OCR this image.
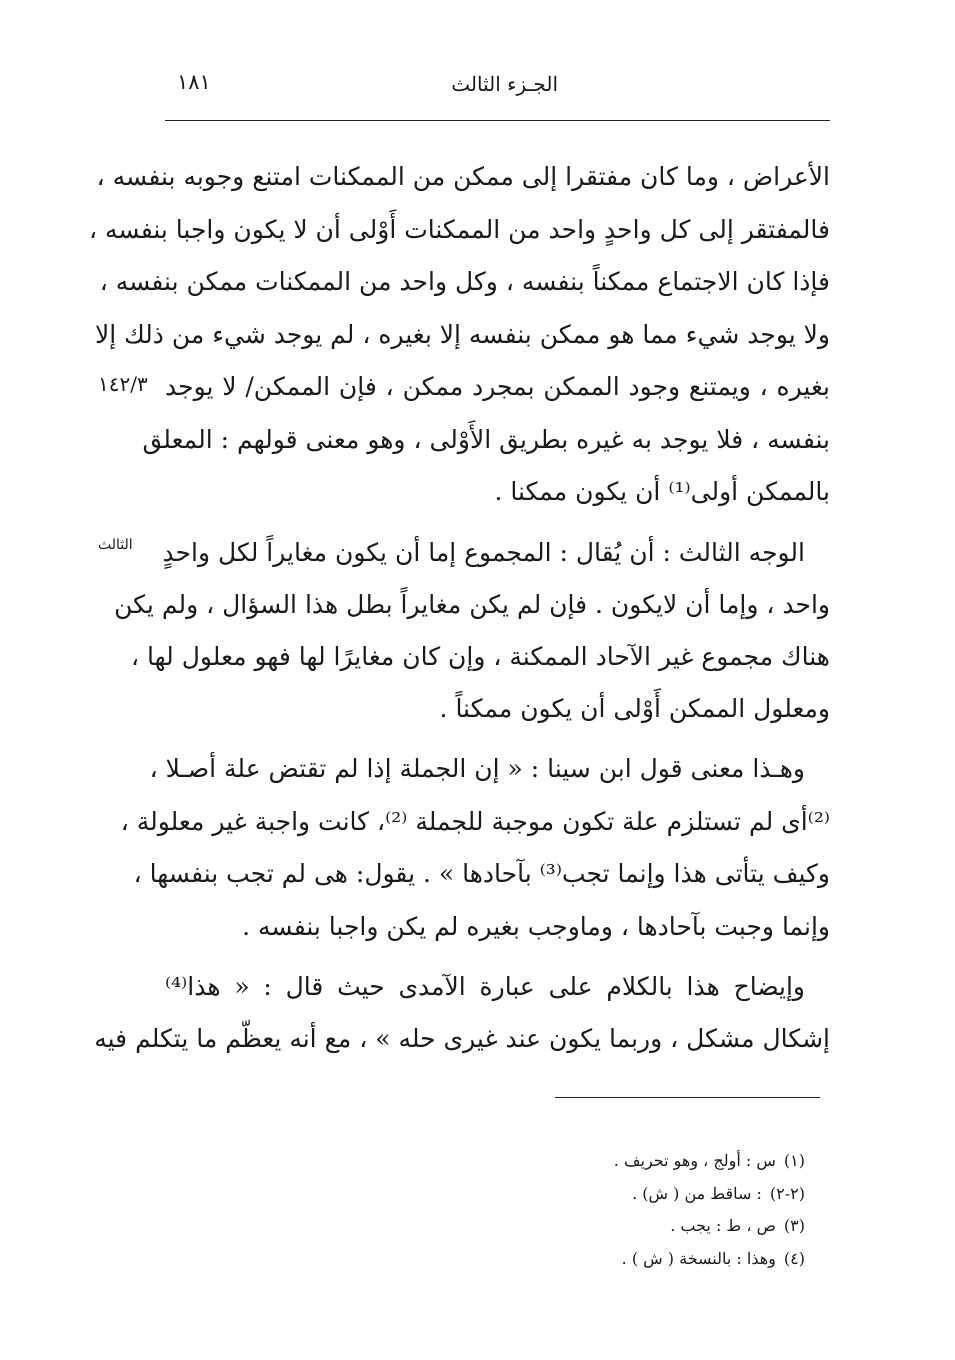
الجـزء الثالث
١٨١
الأعراض ، وما كان مفتقرا إلى ممكن من الممكنات امتنع وجوبه بنفسه ،
فالمفتقر إلى كل واحدٍ واحد من الممكنات أَوْلى أن لا يكون واجبا بنفسه ،
فإذا كان الاجتماع ممكناً بنفسه ، وكل واحد من الممكنات ممكن بنفسه ،
ولا يوجد شيء مما هو ممكن بنفسه إلا بغيره ، لم يوجد شيء من ذلك إلا
بغيره ، ويمتنع وجود الممكن بمجرد ممكن ، فإن الممكن/ لا يوجد
بنفسه ، فلا يوجد به غيره بطريق الأَوْلى ، وهو معنى قولهم : المعلق
بالممكن أولى⁽¹⁾ أن يكون ممكنا .
الوجه الثالث : أن يُقال : المجموع إما أن يكون مغايراً لكل واحدٍ
واحد ، وإما أن لايكون . فإن لم يكن مغايراً بطل هذا السؤال ، ولم يكن
هناك مجموع غير الآحاد الممكنة ، وإن كان مغايرًا لها فهو معلول لها ،
ومعلول الممكن أَوْلى أن يكون ممكناً .
وهـذا معنى قول ابن سينا : « إن الجملة إذا لم تقتض علة أصـلا ،
⁽²⁾أى لم تستلزم علة تكون موجبة للجملة ⁽²⁾، كانت واجبة غير معلولة ،
وكيف يتأتى هذا وإنما تجب⁽³⁾ بآحادها » . يقول: هى لم تجب بنفسها ،
وإنما وجبت بآحادها ، وماوجب بغيره لم يكن واجبا بنفسه .
وإيضاح هذا بالكلام على عبارة الآمدى حيث قال : « هذا⁽⁴⁾
إشكال مشكل ، وربما يكون عند غيرى حله » ، مع أنه يعظّم ما يتكلم فيه
١٤٢/٣
الثالث
(١)س : أولج ، وهو تحريف .
(٢-٢): ساقط من ( ش) .
(٣)ص ، ط : يجب .
(٤)وهذا : بالنسخة ( ش ) .
